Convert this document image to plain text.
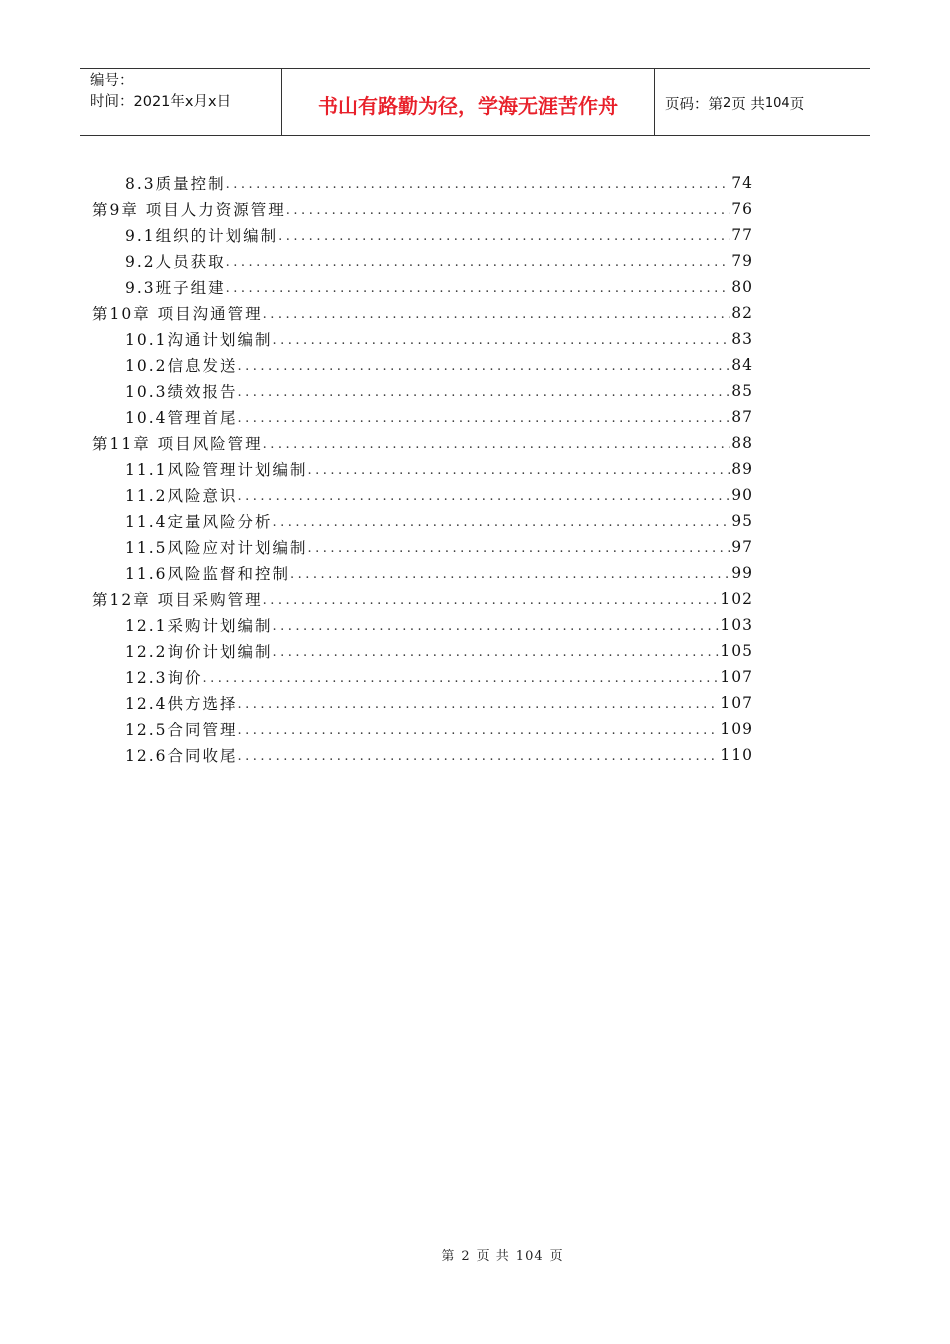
编号：
时间：2021年x月x日	书山有路勤为径，学海无涯苦作舟	页码：第 2 页 共 104 页
8.3质量控制 .....	74
第9章 项目人力资源管理 .....	76
9.1组织的计划编制 .....	77
9.2人员获取 .....	79
9.3班子组建 .....	80
第10章 项目沟通管理 .....	82
10.1沟通计划编制 .....	83
10.2信息发送 .....	84
10.3绩效报告 .....	85
10.4管理首尾 .....	87
第11章 项目风险管理 .....	88
11.1风险管理计划编制 .....	89
11.2风险意识 .....	90
11.4定量风险分析 .....	95
11.5风险应对计划编制 .....	97
11.6风险监督和控制 .....	99
第12章 项目采购管理 .....	102
12.1采购计划编制 .....	103
12.2询价计划编制 .....	105
12.3询价 .....	107
12.4供方选择 .....	107
12.5合同管理 .....	109
12.6合同收尾 .....	110
第 2 页 共 104 页
